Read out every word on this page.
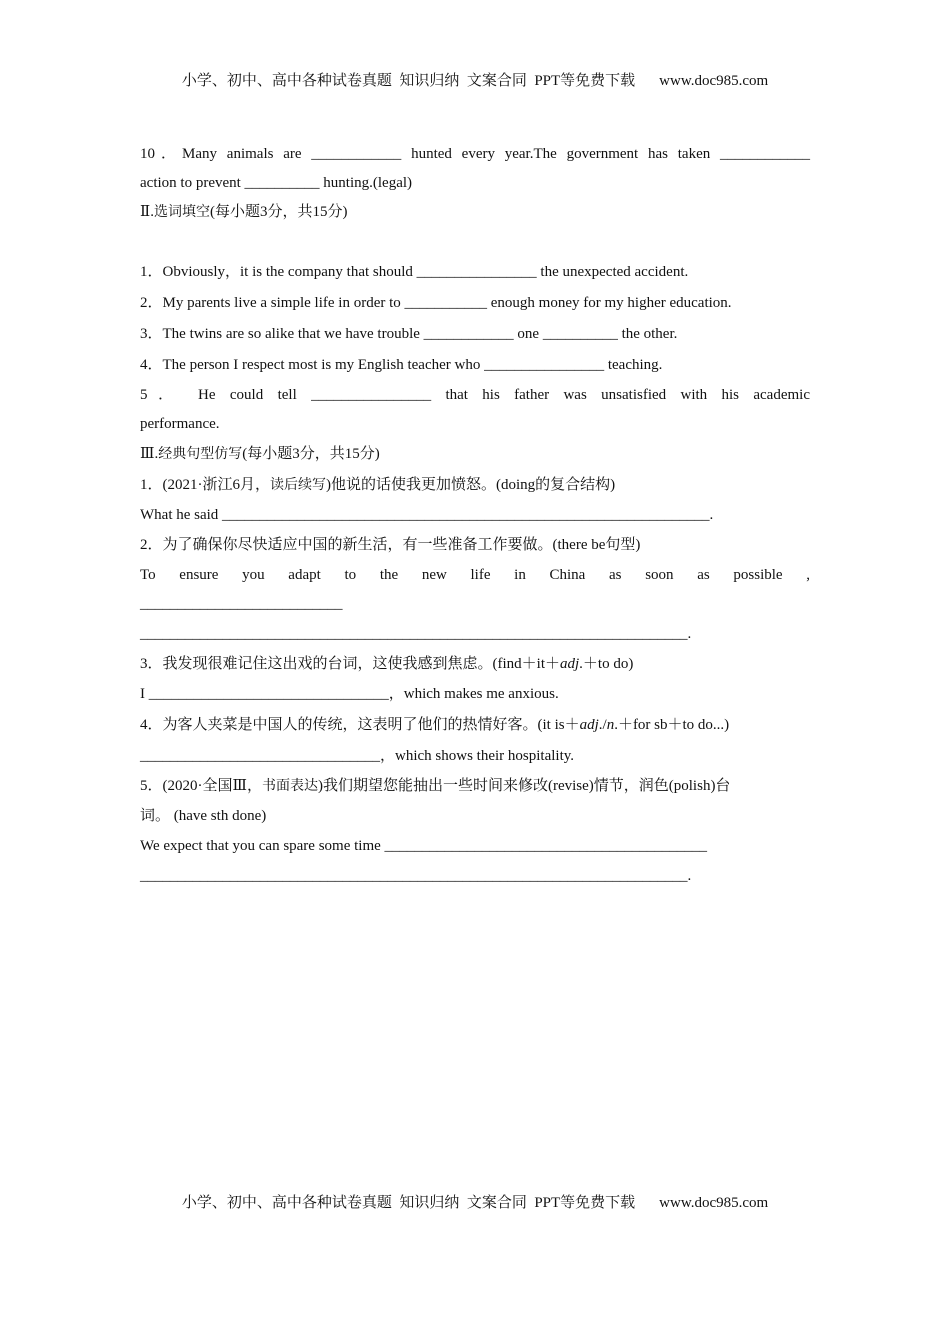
小学、初中、高中各种试卷真题  知识归纳  文案合同  PPT等免费下载 www.doc985.com
10．Many animals are ____________ hunted every year.The government has taken ____________
action to prevent __________ hunting.(legal)
Ⅱ.选词填空(每小题3分，共15分)
1．Obviously，it is the company that should ________________ the unexpected accident.
2．My parents live a simple life in order to ___________ enough money for my higher education.
3．The twins are so alike that we have trouble ____________ one __________ the other.
4．The person I respect most is my English teacher who ________________ teaching.
5． He could tell ________________ that his father was unsatisfied with his academic
performance.
Ⅲ.经典句型仿写(每小题3分，共15分)
1．(2021·浙江6月，读后续写)他说的话使我更加愤怒。(doing的复合结构)
What he said _________________________________________________________________.
2．为了确保你尽快适应中国的新生活，有一些准备工作要做。(there be句型)
To ensure you adapt to the new life in China as soon as possible ,
___________________________
_________________________________________________________________________.
3．我发现很难记住这出戏的台词，这使我感到焦虑。(find＋it＋adj.＋to do)
I ________________________________，which makes me anxious.
4．为客人夹菜是中国人的传统，这表明了他们的热情好客。(it is＋adj./n.＋for sb＋to do...)
________________________________，which shows their hospitality.
5．(2020·全国Ⅲ，书面表达)我们期望您能抽出一些时间来修改(revise)情节，润色(polish)台
词。 (have sth done)
We expect that you can spare some time ___________________________________________
_________________________________________________________________________.
小学、初中、高中各种试卷真题  知识归纳  文案合同  PPT等免费下载 www.doc985.com
